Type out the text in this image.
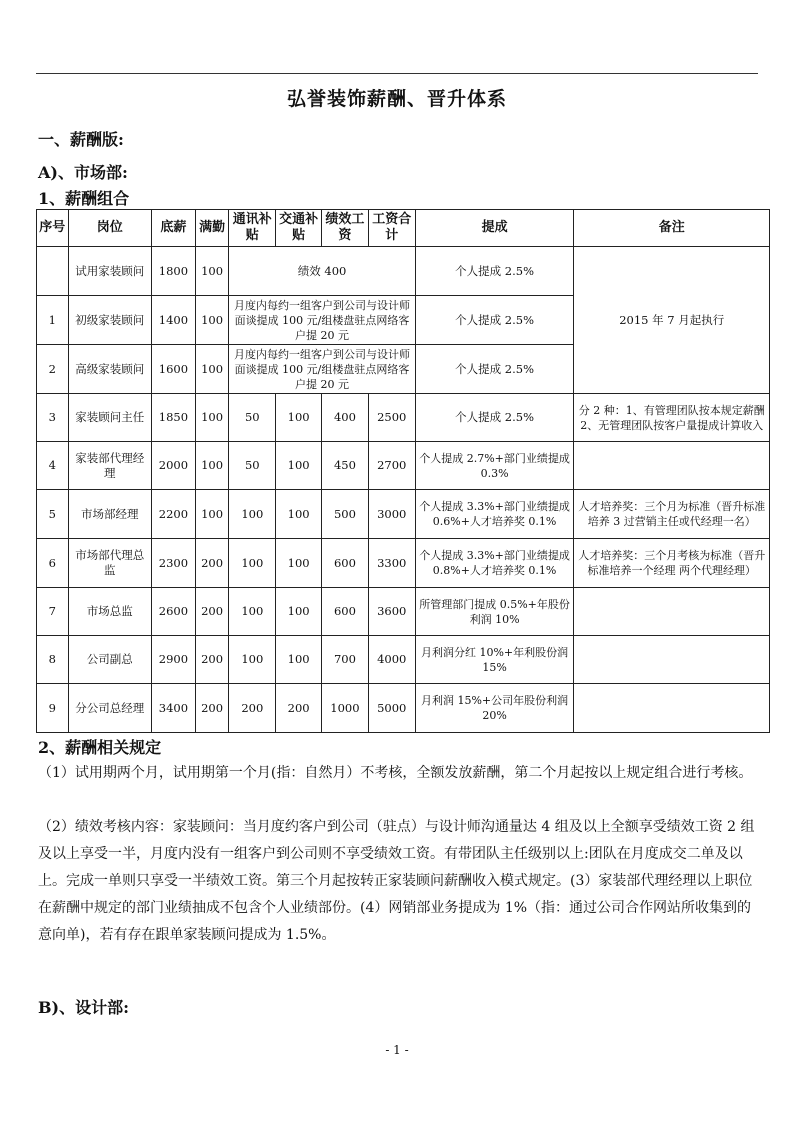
弘誉装饰薪酬、晋升体系
一、薪酬版:
A)、市场部:
1、薪酬组合
序号	岗位	底薪	满勤	通讯补贴	交通补贴	绩效工资	工资合计	提成	备注
	试用家装顾问	1800	100	绩效 400				个人提成 2.5%	2015 年 7 月起执行
1	初级家装顾问	1400	100	月度内每约一组客户到公司与设计师面谈提成 100 元/组楼盘驻点网络客户提 20 元				个人提成 2.5%	
2	高级家装顾问	1600	100	月度内每约一组客户到公司与设计师面谈提成 100 元/组楼盘驻点网络客户提 20 元				个人提成 2.5%	
3	家装顾问主任	1850	100	50	100	400	2500	个人提成 2.5%	分 2 种：1、有管理团队按本规定薪酬 2、无管理团队按客户量提成计算收入
4	家装部代理经理	2000	100	50	100	450	2700	个人提成 2.7%+部门业绩提成 0.3%	
5	市场部经理	2200	100	100	100	500	3000	个人提成 3.3%+部门业绩提成 0.6%+人才培养奖 0.1%	人才培养奖：三个月为标准（晋升标准培养 3 过营销主任或代经理一名）
6	市场部代理总监	2300	200	100	100	600	3300	个人提成 3.3%+部门业绩提成 0.8%+人才培养奖 0.1%	人才培养奖：三个月考核为标准（晋升标准培养一个经理 两个代理经理）
7	市场总监	2600	200	100	100	600	3600	所管理部门提成 0.5%+年股份利润 10%	
8	公司副总	2900	200	100	100	700	4000	月利润分红 10%+年利股份润 15%	
9	分公司总经理	3400	200	200	200	1000	5000	月利润 15%+公司年股份利润 20%	
2、薪酬相关规定
（1）试用期两个月，试用期第一个月(指：自然月）不考核，全额发放薪酬，第二个月起按以上规定组合进行考核。
（2）绩效考核内容：家装顾问：当月度约客户到公司（驻点）与设计师沟通量达 4 组及以上全额享受绩效工资 2 组及以上享受一半，月度内没有一组客户到公司则不享受绩效工资。有带团队主任级别以上:团队在月度成交二单及以上。完成一单则只享受一半绩效工资。第三个月起按转正家装顾问薪酬收入模式规定。(3）家装部代理经理以上职位在薪酬中规定的部门业绩抽成不包含个人业绩部份。(4）网销部业务提成为 1%（指：通过公司合作网站所收集到的意向单)，若有存在跟单家装顾问提成为 1.5%。
B)、设计部:
- 1 -
